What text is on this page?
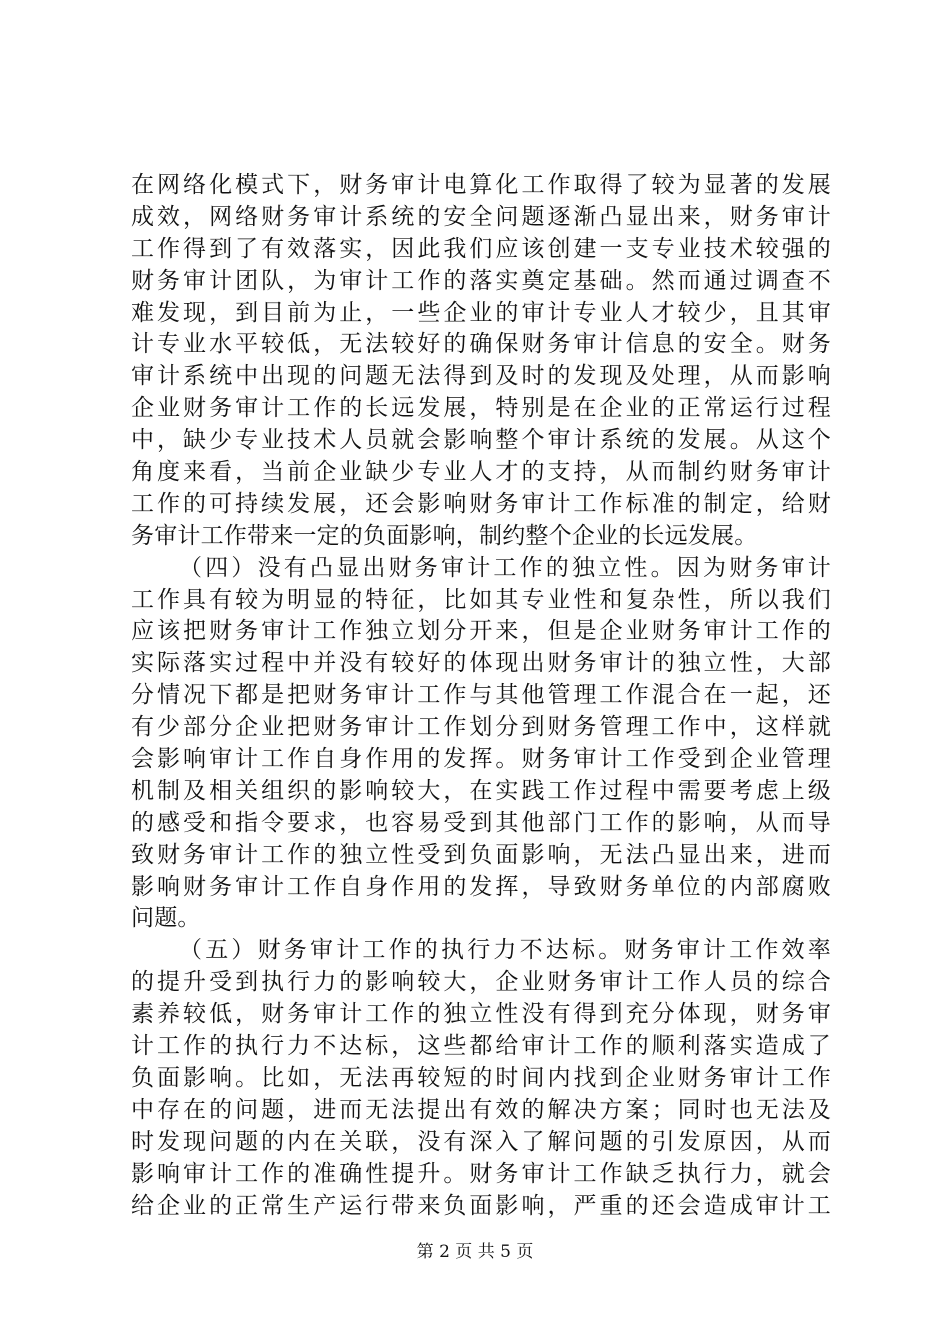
在网络化模式下，财务审计电算化工作取得了较为显著的发展
成效，网络财务审计系统的安全问题逐渐凸显出来，财务审计
工作得到了有效落实，因此我们应该创建一支专业技术较强的
财务审计团队，为审计工作的落实奠定基础。然而通过调查不
难发现，到目前为止，一些企业的审计专业人才较少，且其审
计专业水平较低，无法较好的确保财务审计信息的安全。财务
审计系统中出现的问题无法得到及时的发现及处理，从而影响
企业财务审计工作的长远发展，特别是在企业的正常运行过程
中，缺少专业技术人员就会影响整个审计系统的发展。从这个
角度来看，当前企业缺少专业人才的支持，从而制约财务审计
工作的可持续发展，还会影响财务审计工作标准的制定，给财
务审计工作带来一定的负面影响，制约整个企业的长远发展。
（四）没有凸显出财务审计工作的独立性。因为财务审计
工作具有较为明显的特征，比如其专业性和复杂性，所以我们
应该把财务审计工作独立划分开来，但是企业财务审计工作的
实际落实过程中并没有较好的体现出财务审计的独立性，大部
分情况下都是把财务审计工作与其他管理工作混合在一起，还
有少部分企业把财务审计工作划分到财务管理工作中，这样就
会影响审计工作自身作用的发挥。财务审计工作受到企业管理
机制及相关组织的影响较大，在实践工作过程中需要考虑上级
的感受和指令要求，也容易受到其他部门工作的影响，从而导
致财务审计工作的独立性受到负面影响，无法凸显出来，进而
影响财务审计工作自身作用的发挥，导致财务单位的内部腐败
问题。
（五）财务审计工作的执行力不达标。财务审计工作效率
的提升受到执行力的影响较大，企业财务审计工作人员的综合
素养较低，财务审计工作的独立性没有得到充分体现，财务审
计工作的执行力不达标，这些都给审计工作的顺利落实造成了
负面影响。比如，无法再较短的时间内找到企业财务审计工作
中存在的问题，进而无法提出有效的解决方案；同时也无法及
时发现问题的内在关联，没有深入了解问题的引发原因，从而
影响审计工作的准确性提升。财务审计工作缺乏执行力，就会
给企业的正常生产运行带来负面影响，严重的还会造成审计工
第 2 页 共 5 页
